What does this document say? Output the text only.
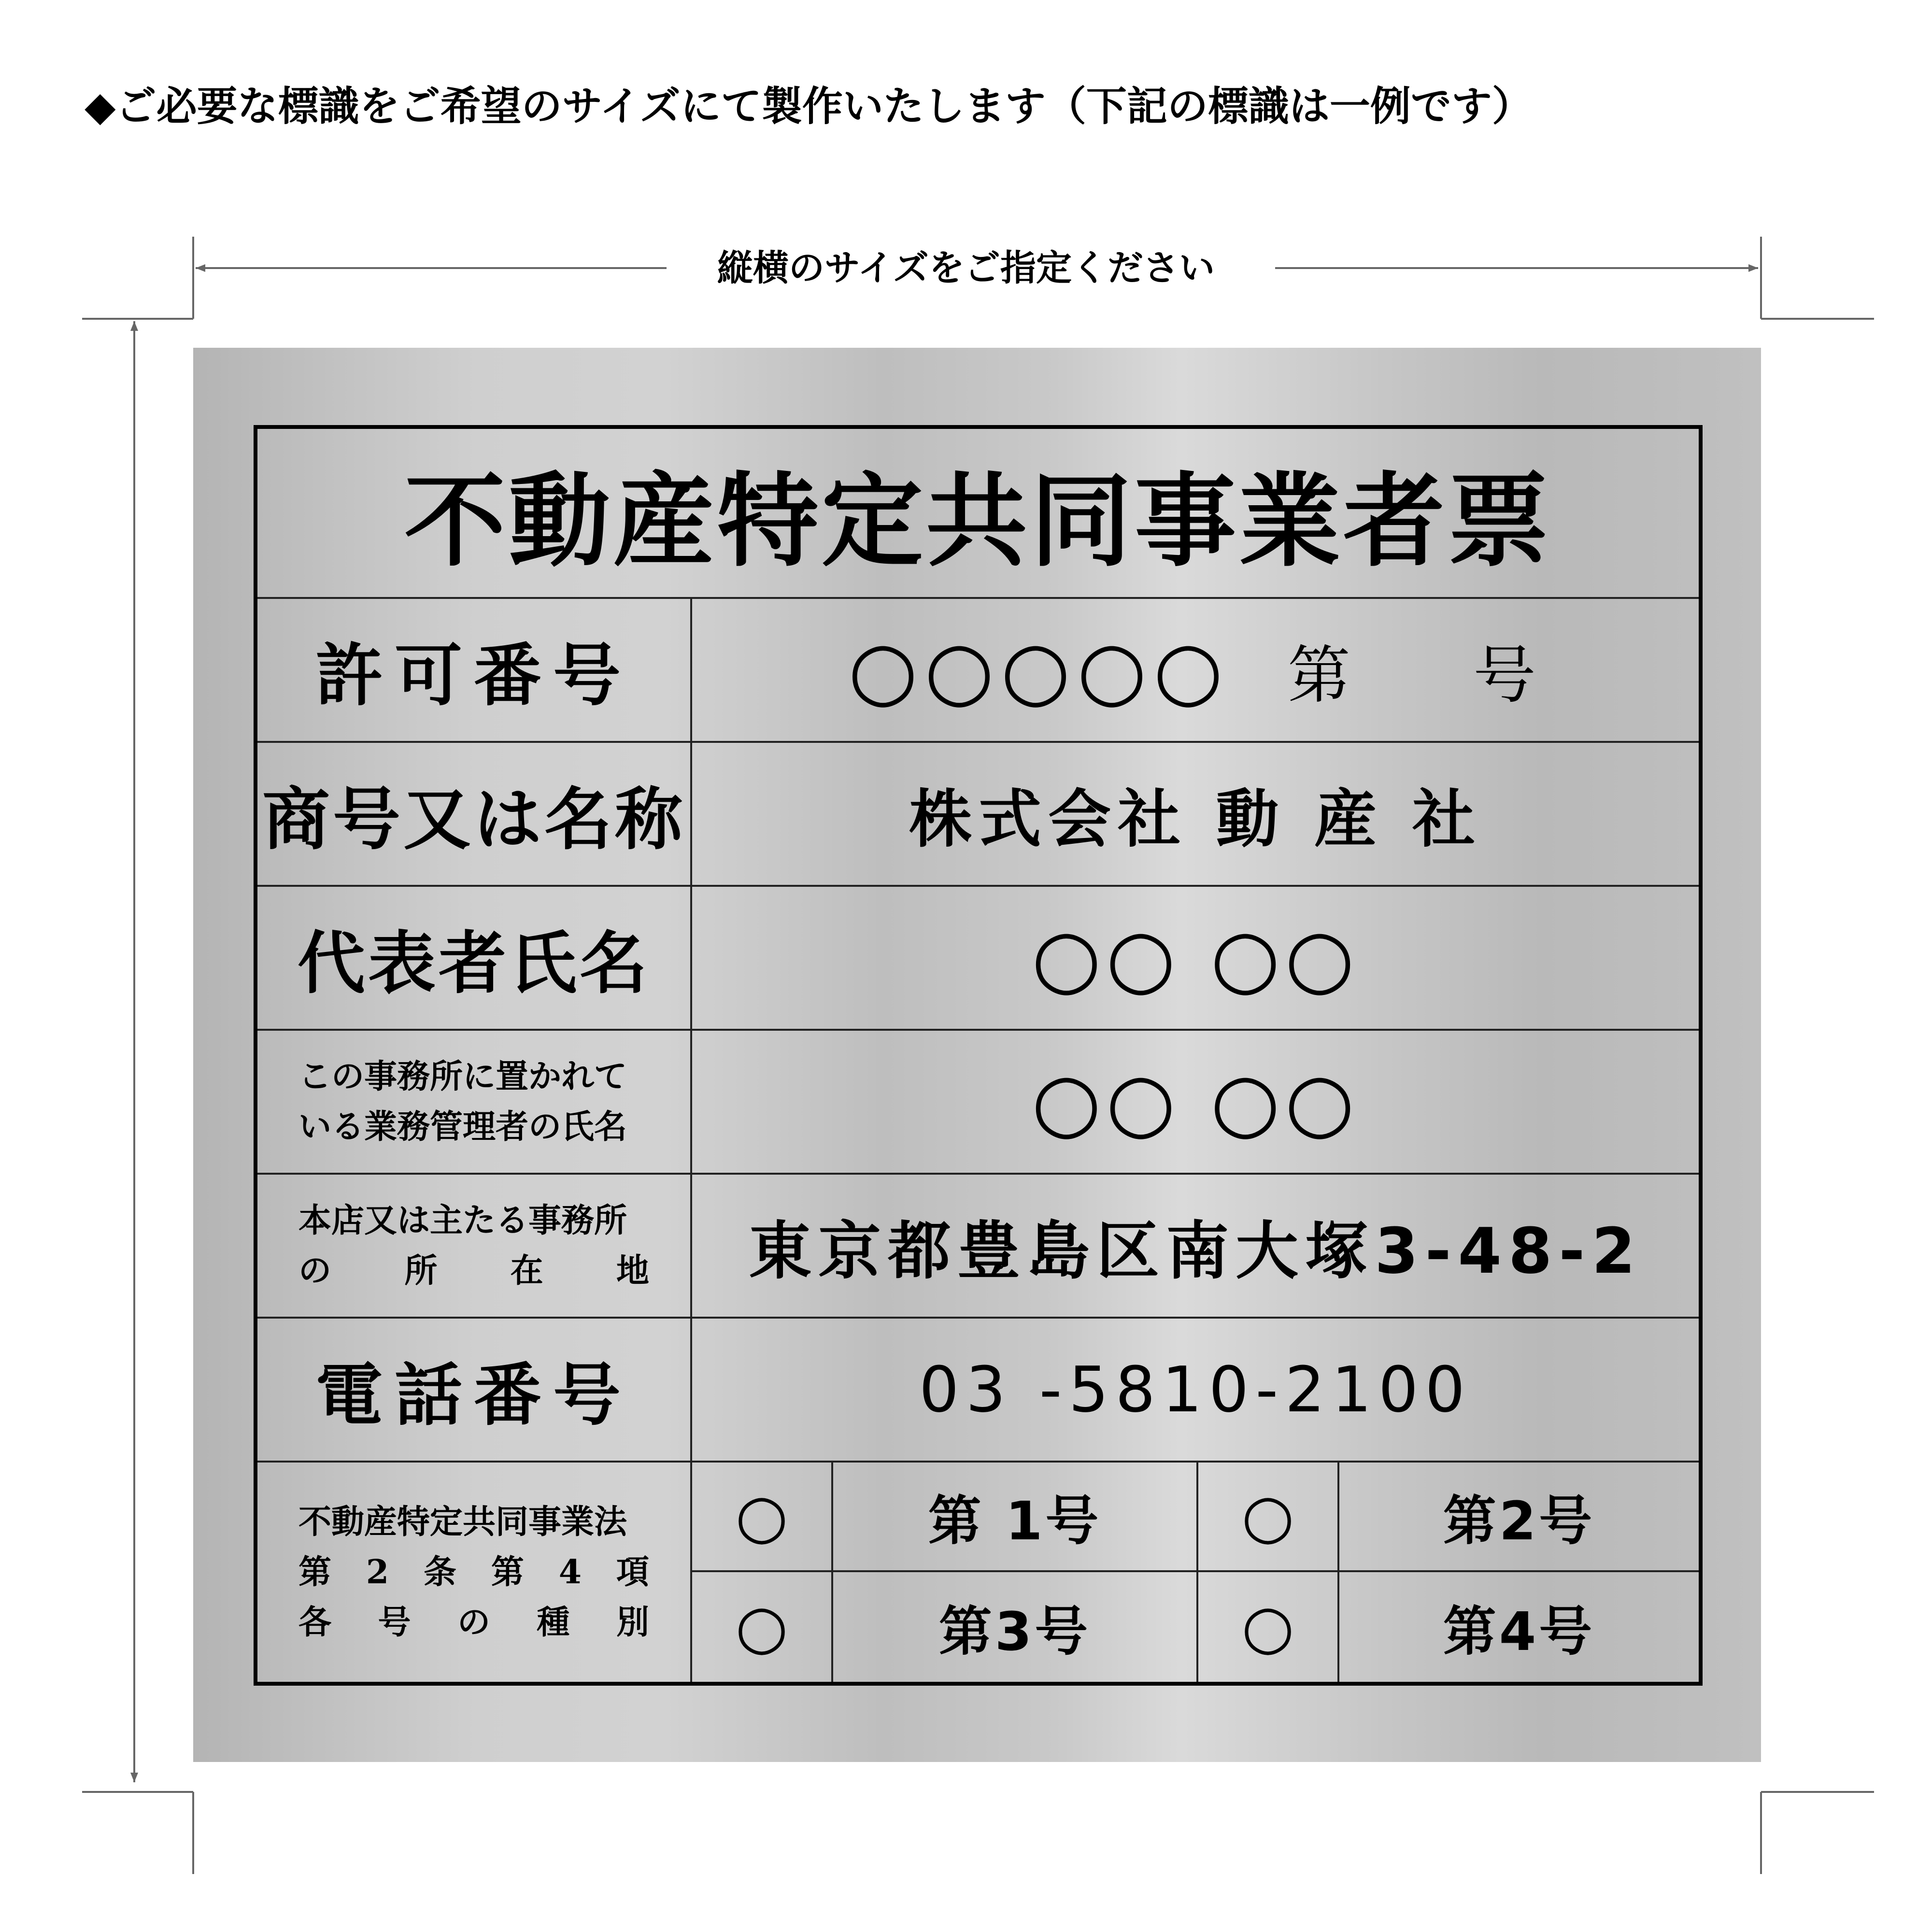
◆ご必要な標識をご希望のサイズにて製作いたします（下記の標識は一例です）
縦横のサイズをご指定ください
不動産特定共同事業者票
許可番号	○○○○○ 第 号
商号又は名称	株式会社 動 産 社
代表者氏名	○○ ○○
この事務所に置かれて
いる業務管理者の氏名	○○ ○○
本店又は主たる事務所
の 所 在 地	東京都豊島区南大塚3-48-2
電話番号	03 -5810-2100
不動産特定共同事業法
第 2 条 第 4 項
各 号 の 種 別
○	第 1号	○	第2号
○	第3号	○	第4号
